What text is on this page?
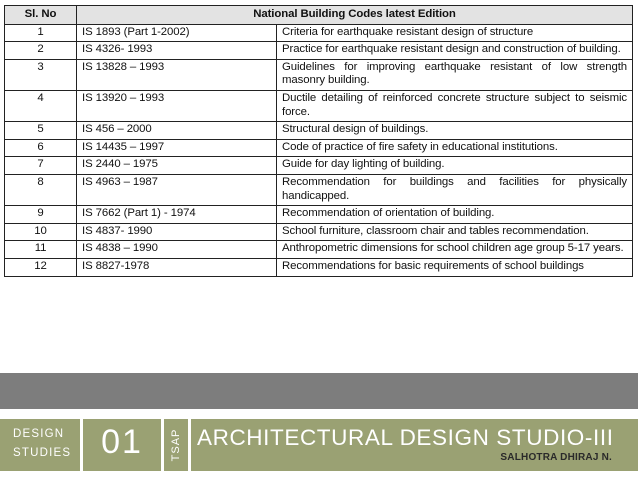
Sl. No	National Building Codes latest Edition	
1	IS 1893 (Part 1-2002)	Criteria for earthquake resistant design of structure
2	IS 4326- 1993	Practice for earthquake resistant design and construction of building.
3	IS 13828 – 1993	Guidelines for improving earthquake resistant of low strength masonry building.
4	IS 13920 – 1993	Ductile detailing of reinforced concrete structure subject to seismic force.
5	IS 456 – 2000	Structural design of buildings.
6	IS 14435 – 1997	Code of practice of fire safety in educational institutions.
7	IS 2440 – 1975	Guide for day lighting of building.
8	IS 4963 – 1987	Recommendation for buildings and facilities for physically handicapped.
9	IS 7662 (Part 1) - 1974	Recommendation of orientation of building.
10	IS 4837- 1990	School furniture, classroom chair and tables recommendation.
11	IS 4838 – 1990	Anthropometric dimensions for school children age group 5-17 years.
12	IS 8827-1978	Recommendations for basic requirements of school buildings
DESIGN
STUDIES 01	TSAP ARCHITECTURAL DESIGN STUDIO-III
SALHOTRA DHIRAJ N.
